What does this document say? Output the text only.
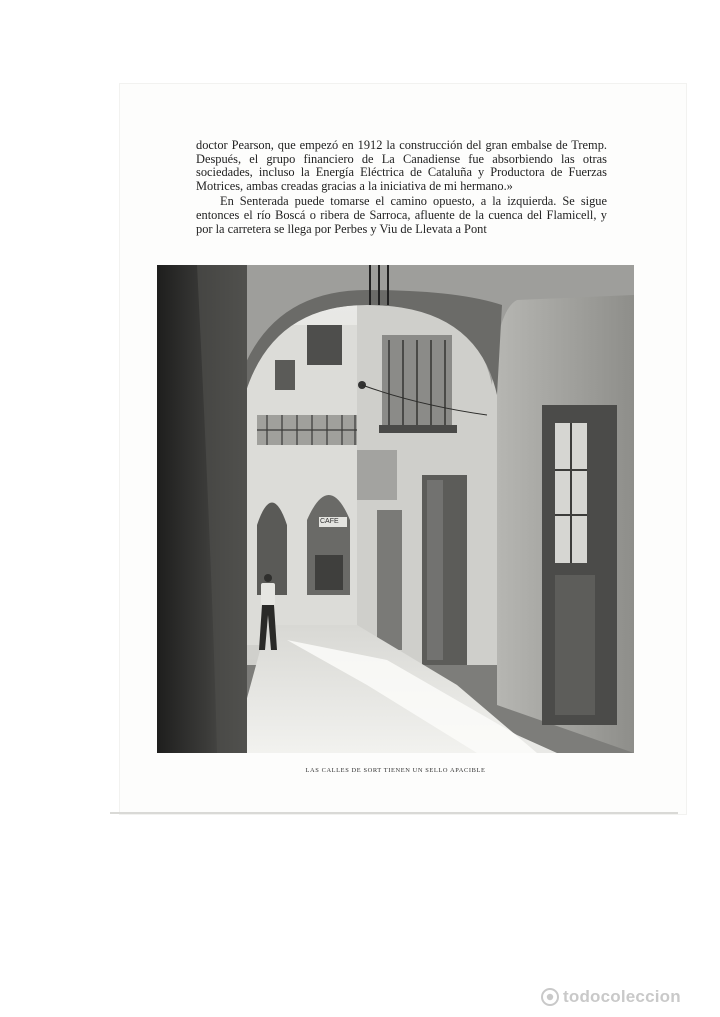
doctor Pearson, que empezó en 1912 la construcción del gran embalse de Tremp. Después, el grupo financiero de La Canadiense fue absorbiendo las otras sociedades, incluso la Energía Eléctrica de Cataluña y Productora de Fuerzas Motrices, ambas creadas gracias a la iniciativa de mi hermano.»

En Senterada puede tomarse el camino opuesto, a la izquierda. Se sigue entonces el río Boscá o ribera de Sarroca, afluente de la cuenca del Flamicell, y por la carretera se llega por Perbes y Viu de Llevata a Pont

CAFE
LAS CALLES DE SORT TIENEN UN SELLO APACIBLE
todocoleccion
